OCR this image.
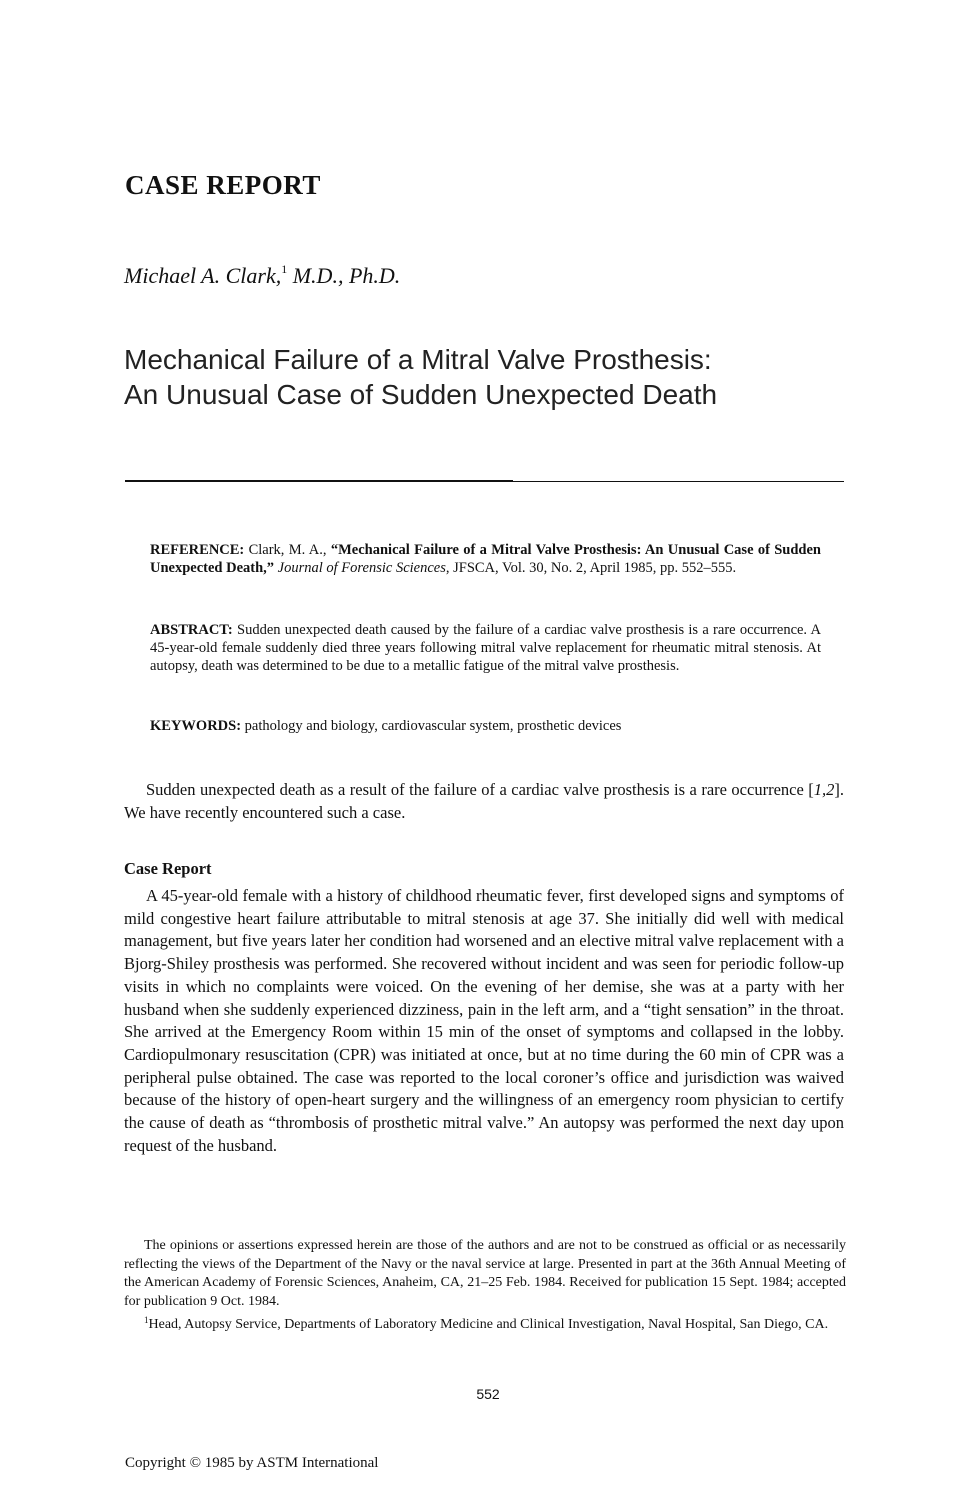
CASE REPORT
Michael A. Clark,$^1$ M.D., Ph.D.
Mechanical Failure of a Mitral Valve Prosthesis:
An Unusual Case of Sudden Unexpected Death
REFERENCE: Clark, M. A., “Mechanical Failure of a Mitral Valve Prosthesis: An Unusual Case of Sudden Unexpected Death,” Journal of Forensic Sciences, JFSCA, Vol. 30, No. 2, April 1985, pp. 552–555.
ABSTRACT: Sudden unexpected death caused by the failure of a cardiac valve prosthesis is a rare occurrence. A 45-year-old female suddenly died three years following mitral valve replacement for rheumatic mitral stenosis. At autopsy, death was determined to be due to a metallic fatigue of the mitral valve prosthesis.
KEYWORDS: pathology and biology, cardiovascular system, prosthetic devices

Sudden unexpected death as a result of the failure of a cardiac valve prosthesis is a rare occurrence [1,2]. We have recently encountered such a case.

Case Report

A 45-year-old female with a history of childhood rheumatic fever, first developed signs and symptoms of mild congestive heart failure attributable to mitral stenosis at age 37. She initially did well with medical management, but five years later her condition had worsened and an elective mitral valve replacement with a Bjorg-Shiley prosthesis was performed. She recovered without incident and was seen for periodic follow-up visits in which no complaints were voiced. On the evening of her demise, she was at a party with her husband when she suddenly experienced dizziness, pain in the left arm, and a “tight sensation” in the throat. She arrived at the Emergency Room within 15 min of the onset of symptoms and collapsed in the lobby. Cardiopulmonary resuscitation (CPR) was initiated at once, but at no time during the 60 min of CPR was a peripheral pulse obtained. The case was reported to the local coroner’s office and jurisdiction was waived because of the history of open-heart surgery and the willingness of an emergency room physician to certify the cause of death as “thrombosis of prosthetic mitral valve.” An autopsy was performed the next day upon request of the husband.

The opinions or assertions expressed herein are those of the authors and are not to be construed as official or as necessarily reflecting the views of the Department of the Navy or the naval service at large. Presented in part at the 36th Annual Meeting of the American Academy of Forensic Sciences, Anaheim, CA, 21–25 Feb. 1984. Received for publication 15 Sept. 1984; accepted for publication 9 Oct. 1984.

$^1$Head, Autopsy Service, Departments of Laboratory Medicine and Clinical Investigation, Naval Hospital, San Diego, CA.

552
Copyright © 1985 by ASTM International
